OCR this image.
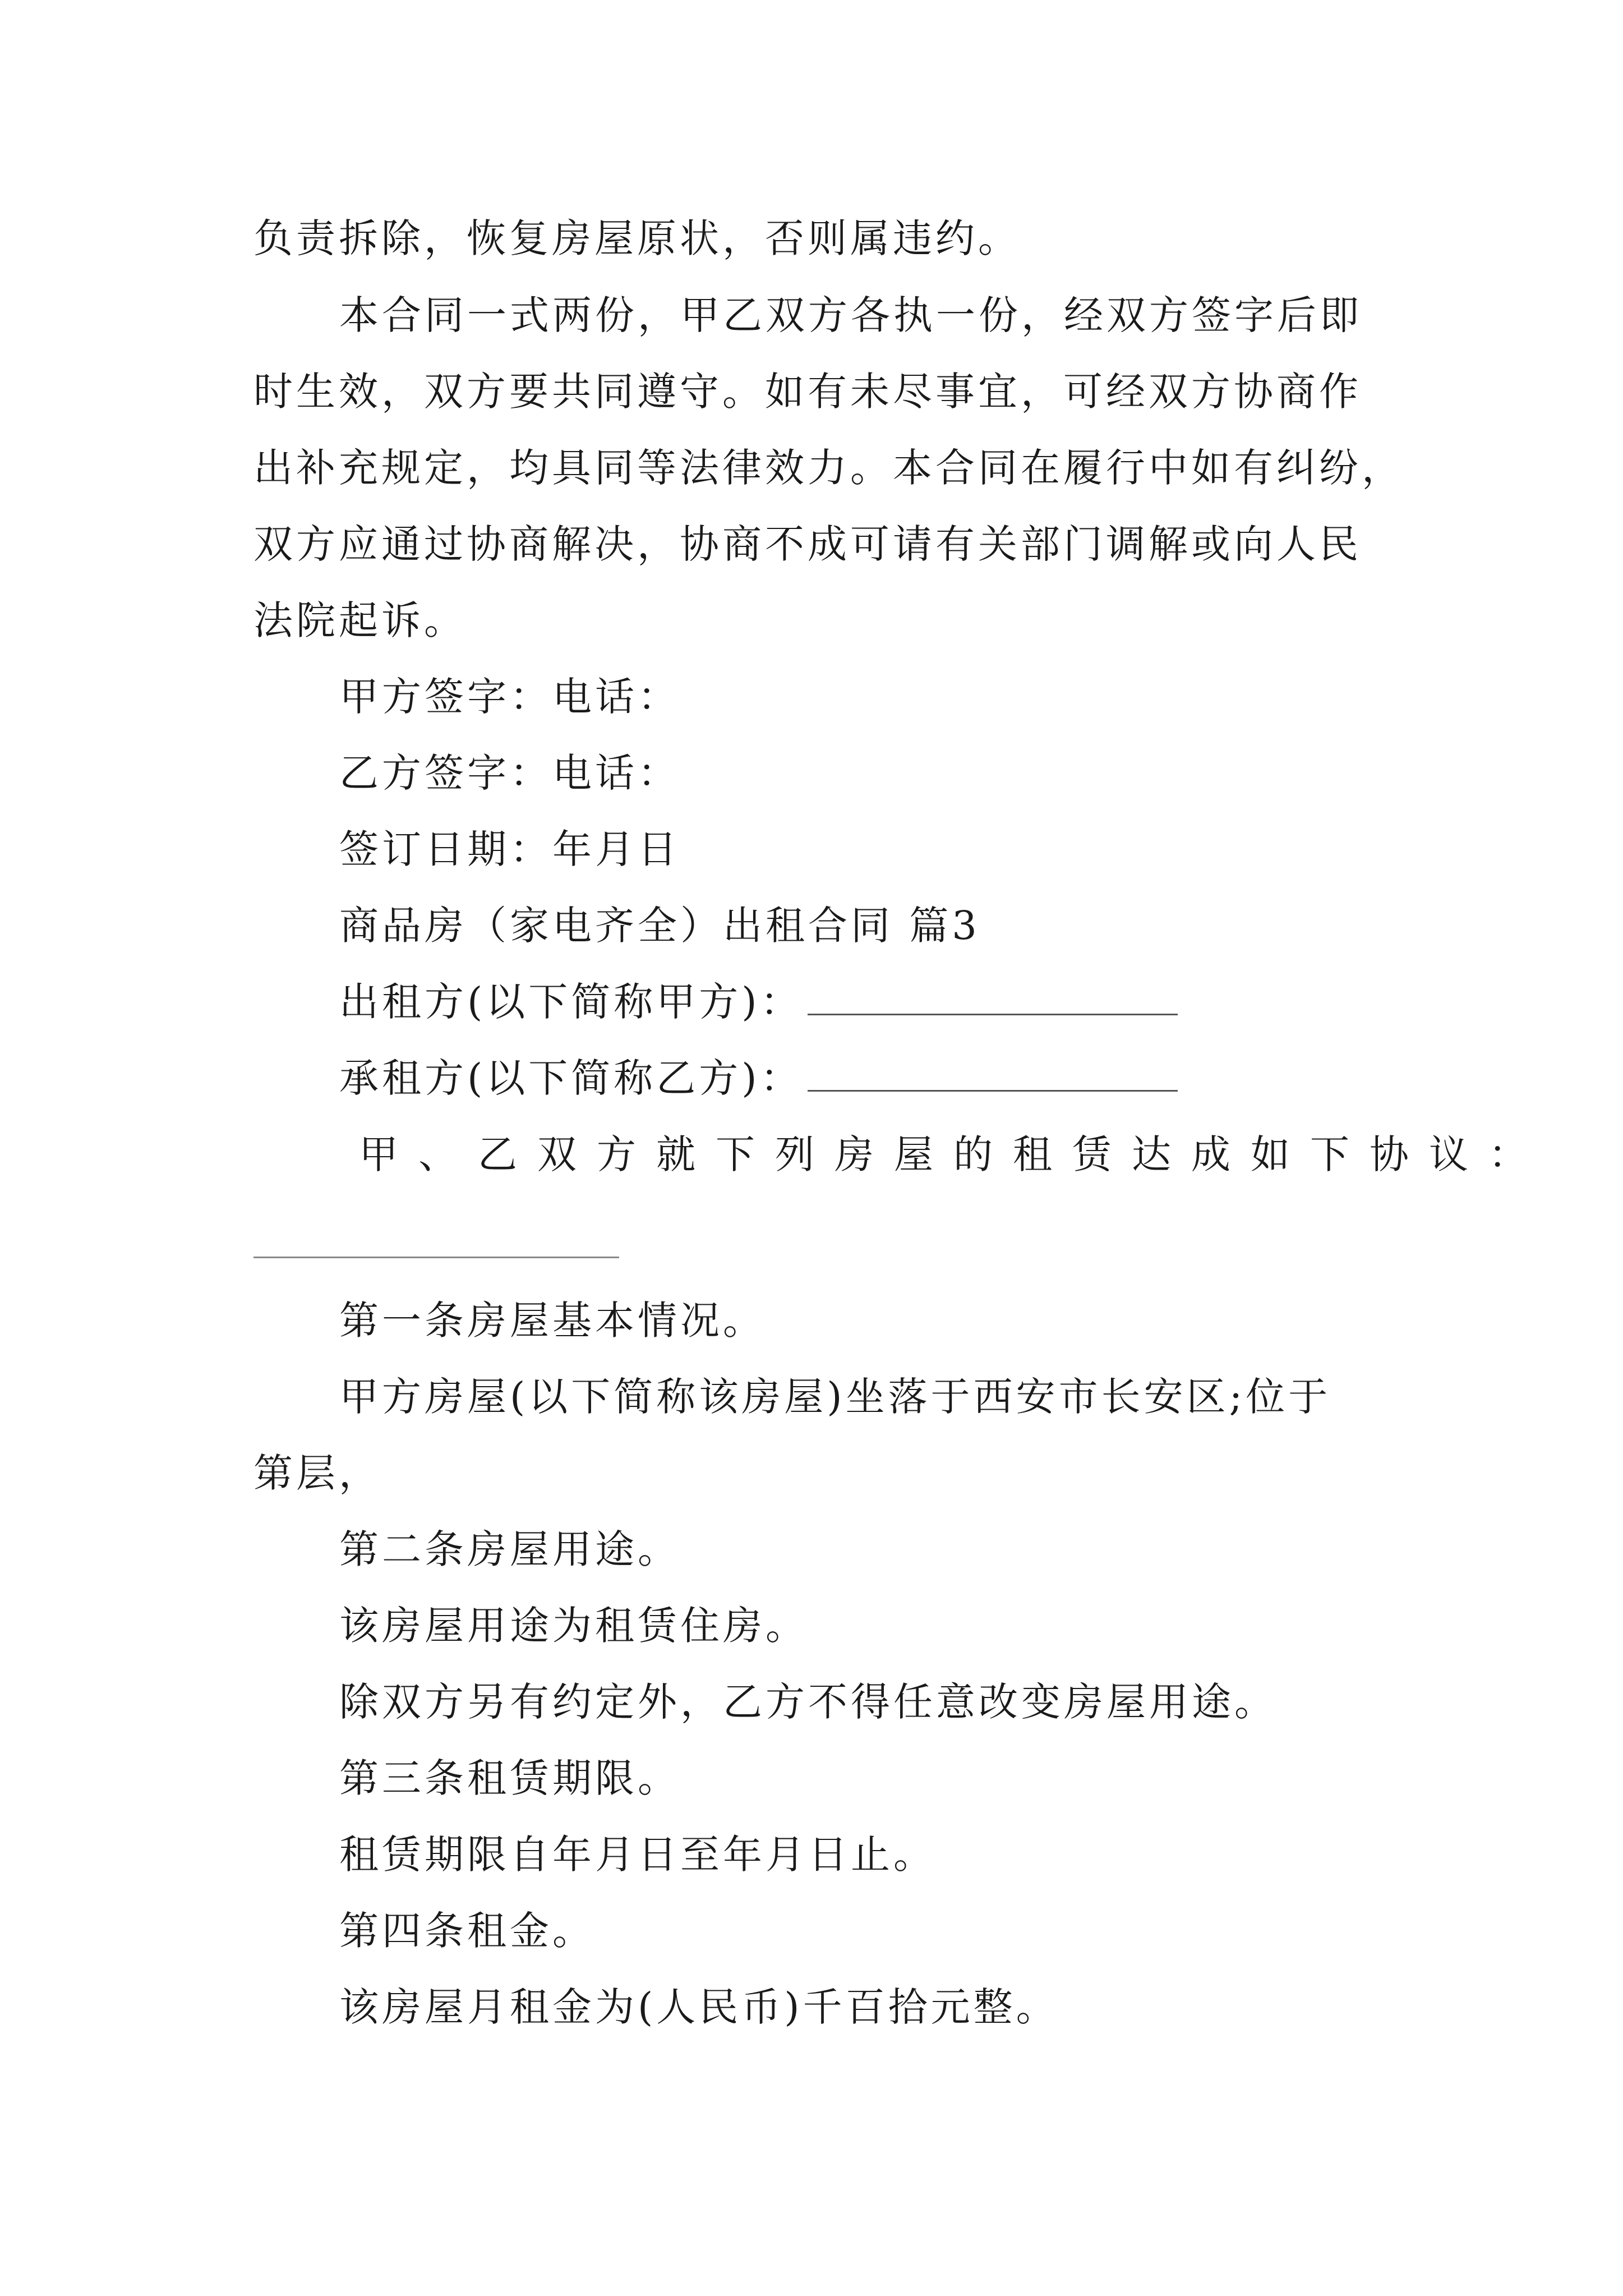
负责拆除，恢复房屋原状，否则属违约。
本合同一式两份，甲乙双方各执一份，经双方签字后即
时生效，双方要共同遵守。如有未尽事宜，可经双方协商作
出补充规定，均具同等法律效力。本合同在履行中如有纠纷，
双方应通过协商解决，协商不成可请有关部门调解或向人民
法院起诉。
甲方签字：电话：
乙方签字：电话：
签订日期：年月日
商品房（家电齐全）出租合同 篇3
出租方(以下简称甲方)：
承租方(以下简称乙方)：
甲、乙双方就下列房屋的租赁达成如下协议：
第一条房屋基本情况。
甲方房屋(以下简称该房屋)坐落于西安市长安区;位于
第层，
第二条房屋用途。
该房屋用途为租赁住房。
除双方另有约定外，乙方不得任意改变房屋用途。
第三条租赁期限。
租赁期限自年月日至年月日止。
第四条租金。
该房屋月租金为(人民币)千百拾元整。
